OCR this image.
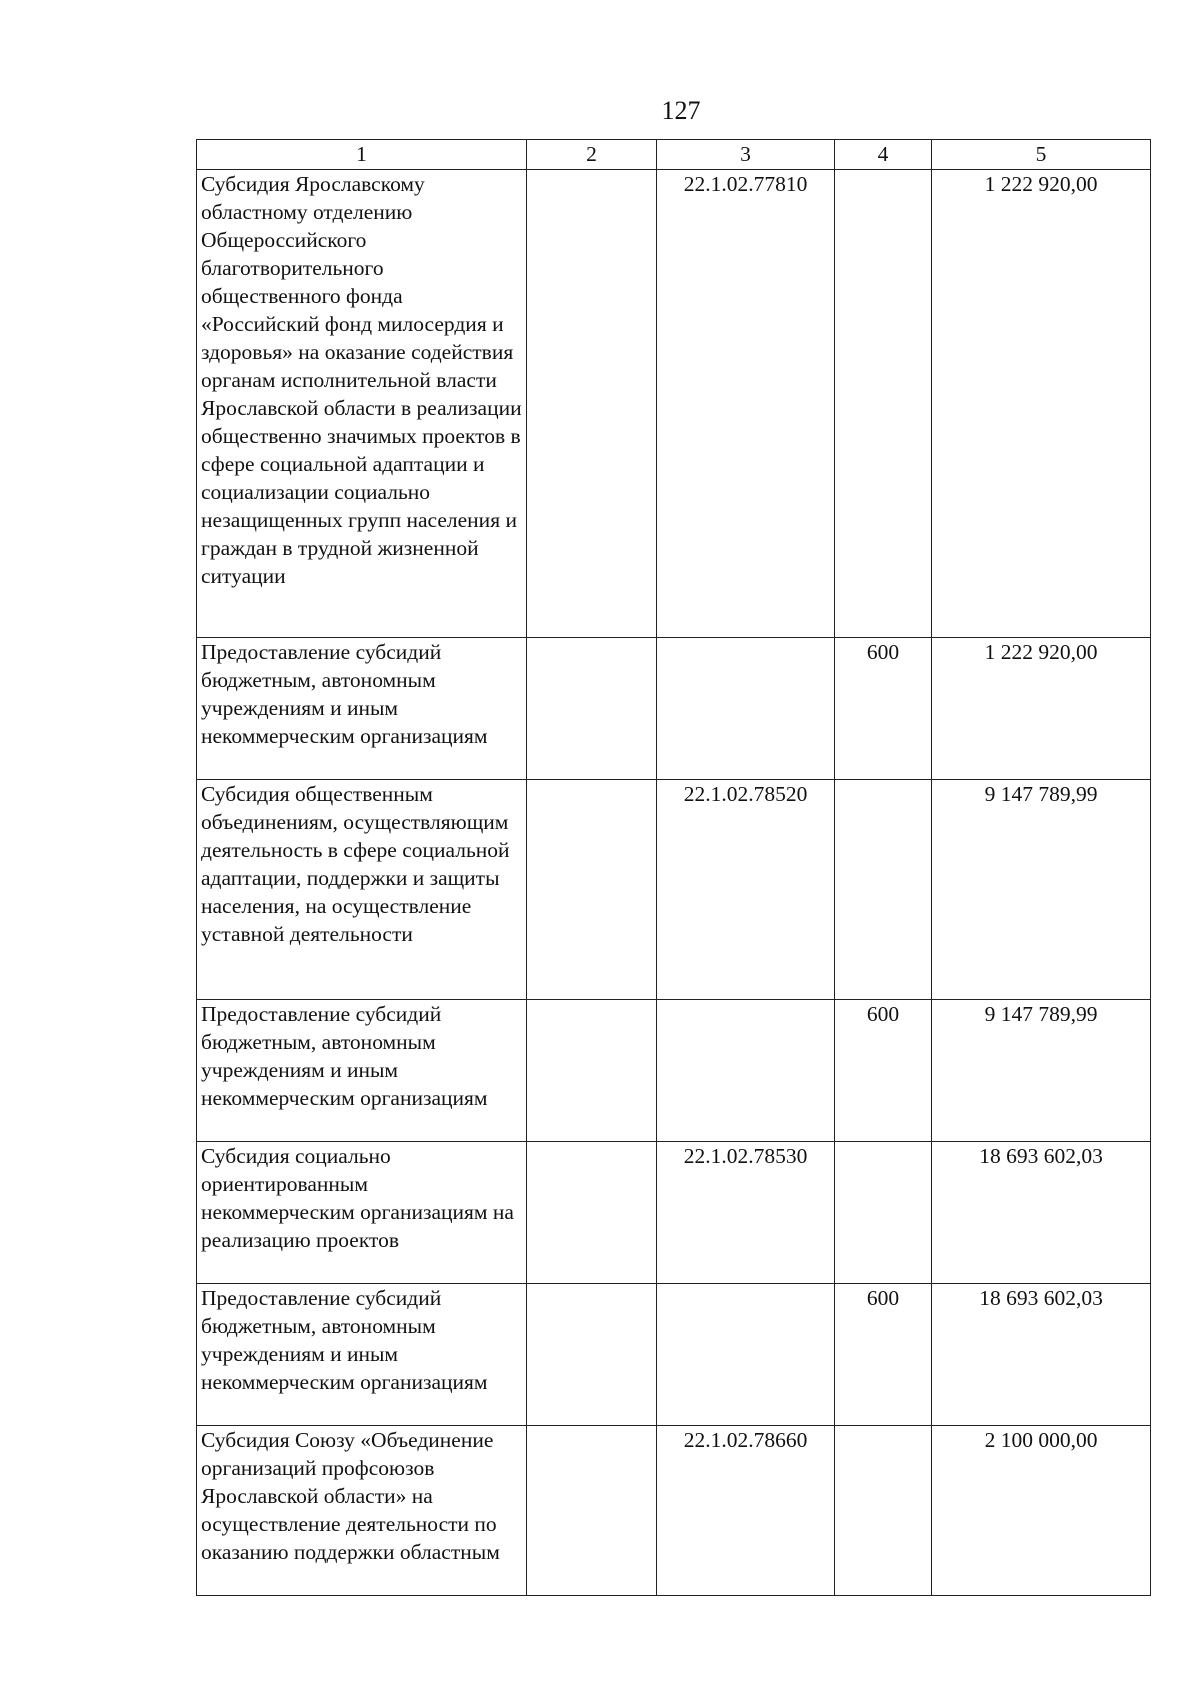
127
1	2	3	4	5
Субсидия Ярославскому областному отделению Общероссийского благотворительного общественного фонда «Российский фонд милосердия и здоровья» на оказание содействия органам исполнительной власти Ярославской области в реализации общественно значимых проектов в сфере социальной адаптации и социализации социально незащищенных групп населения и граждан в трудной жизненной ситуации		22.1.02.77810		1 222 920,00
Предоставление субсидий бюджетным, автономным учреждениям и иным некоммерческим организациям			600	1 222 920,00
Субсидия общественным объединениям, осуществляющим деятельность в сфере социальной адаптации, поддержки и защиты населения, на осуществление уставной деятельности		22.1.02.78520		9 147 789,99
Предоставление субсидий бюджетным, автономным учреждениям и иным некоммерческим организациям			600	9 147 789,99
Субсидия социально ориентированным некоммерческим организациям на реализацию проектов		22.1.02.78530		18 693 602,03
Предоставление субсидий бюджетным, автономным учреждениям и иным некоммерческим организациям			600	18 693 602,03
Субсидия Союзу «Объединение организаций профсоюзов Ярославской области» на осуществление деятельности по оказанию поддержки областным		22.1.02.78660		2 100 000,00
